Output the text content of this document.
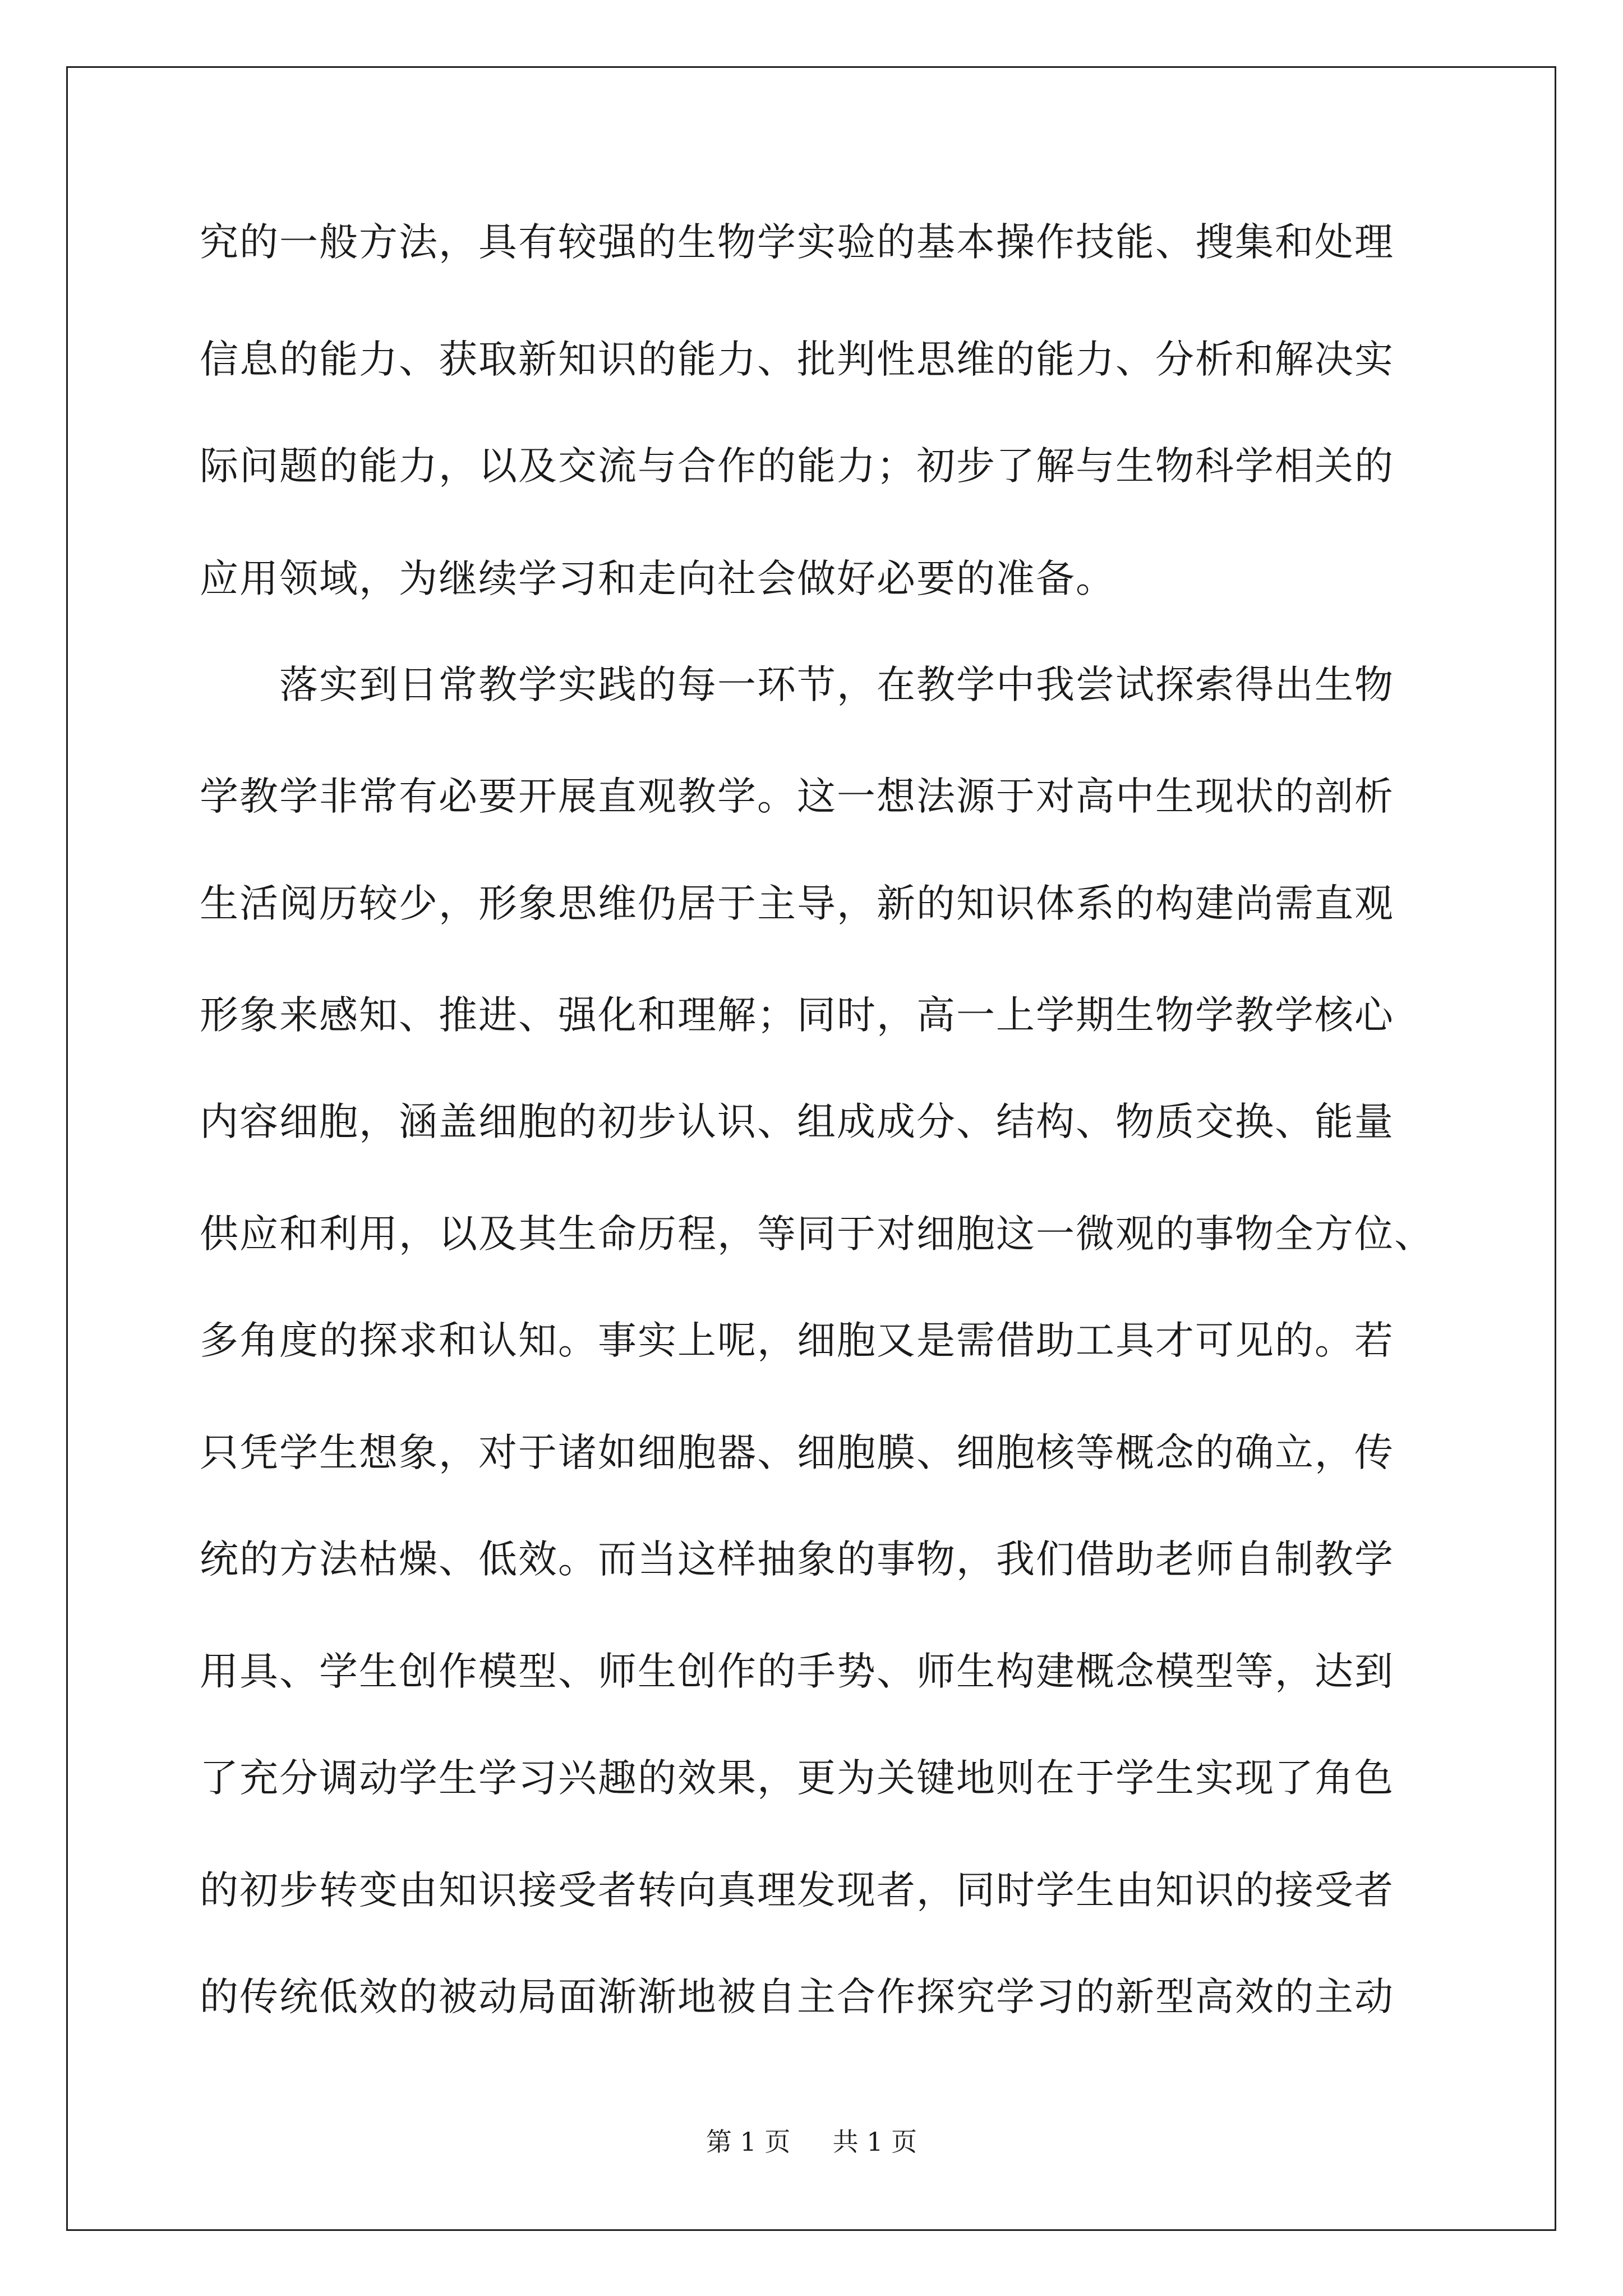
究的一般方法，具有较强的生物学实验的基本操作技能、搜集和处理

信息的能力、获取新知识的能力、批判性思维的能力、分析和解决实

际问题的能力，以及交流与合作的能力；初步了解与生物科学相关的

应用领域，为继续学习和走向社会做好必要的准备。

落实到日常教学实践的每一环节，在教学中我尝试探索得出生物

学教学非常有必要开展直观教学。这一想法源于对高中生现状的剖析

生活阅历较少，形象思维仍居于主导，新的知识体系的构建尚需直观

形象来感知、推进、强化和理解；同时，高一上学期生物学教学核心

内容细胞，涵盖细胞的初步认识、组成成分、结构、物质交换、能量

供应和利用，以及其生命历程，等同于对细胞这一微观的事物全方位、

多角度的探求和认知。事实上呢，细胞又是需借助工具才可见的。若

只凭学生想象，对于诸如细胞器、细胞膜、细胞核等概念的确立，传

统的方法枯燥、低效。而当这样抽象的事物，我们借助老师自制教学

用具、学生创作模型、师生创作的手势、师生构建概念模型等，达到

了充分调动学生学习兴趣的效果，更为关键地则在于学生实现了角色

的初步转变由知识接受者转向真理发现者，同时学生由知识的接受者

的传统低效的被动局面渐渐地被自主合作探究学习的新型高效的主动

第 1 页 共 1 页
